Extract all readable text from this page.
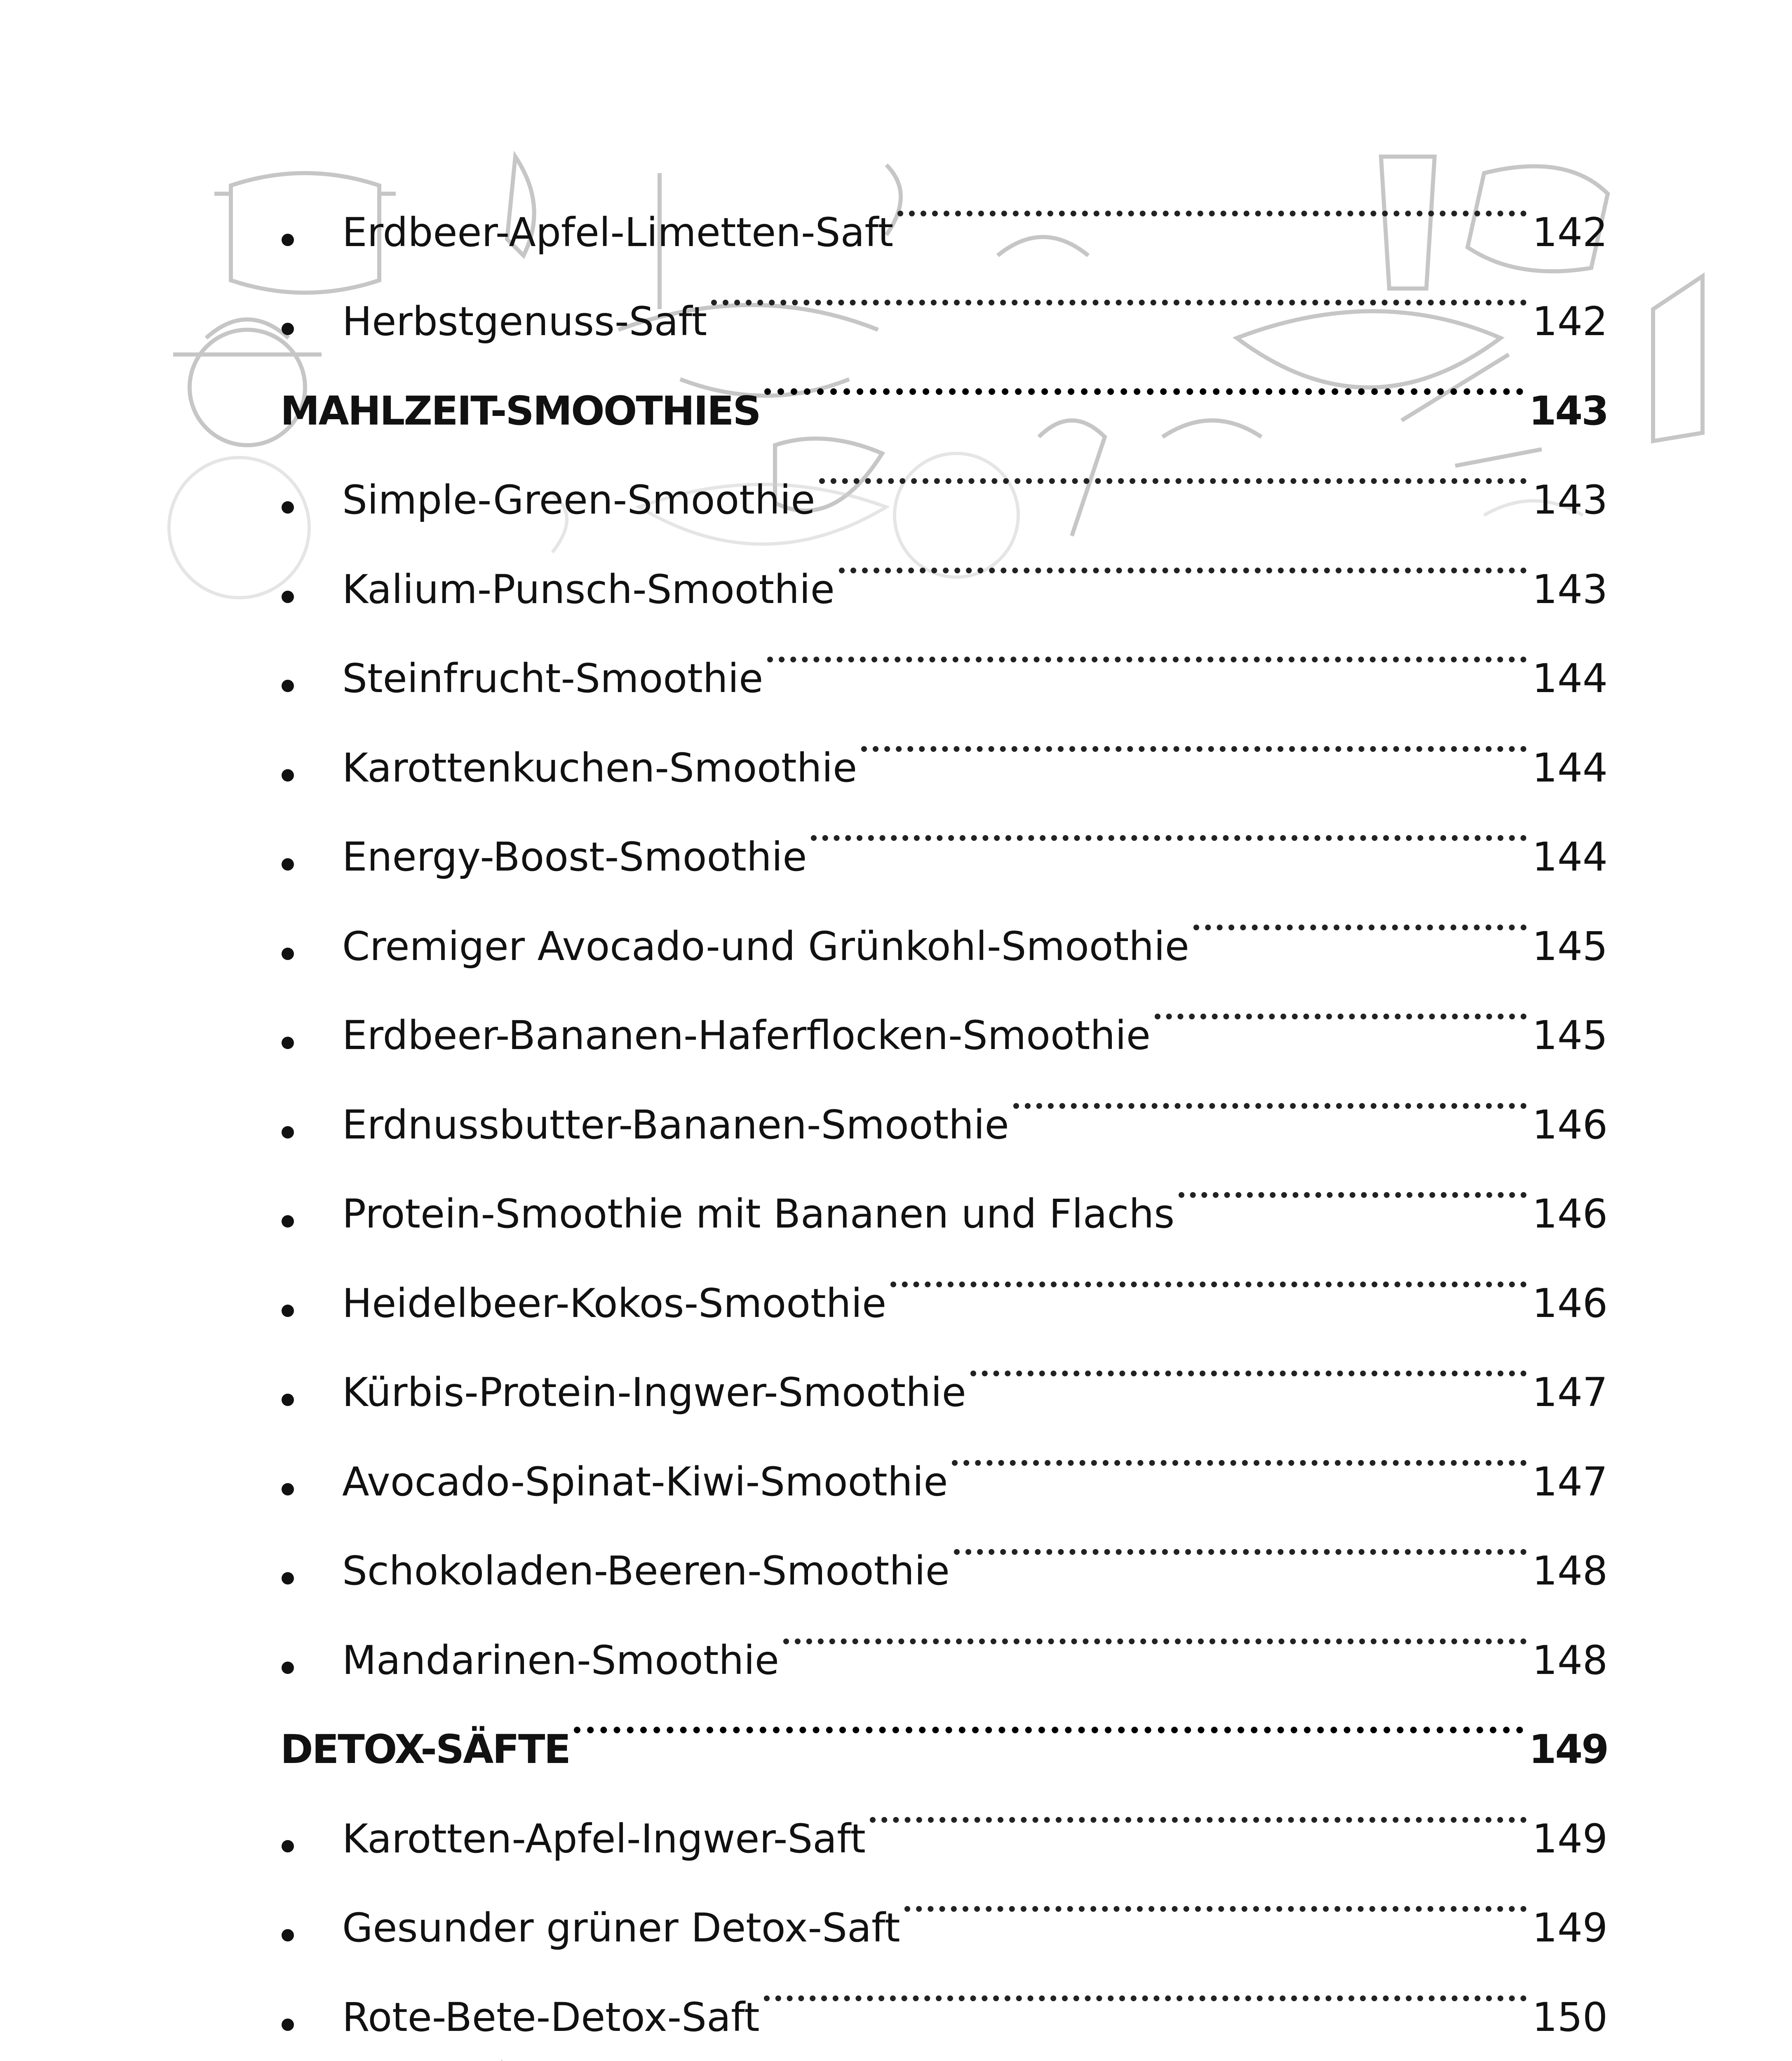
Erdbeer-Apfel-Limetten-Saft	142
Herbstgenuss-Saft	142
MAHLZEIT-SMOOTHIES	143
Simple-Green-Smoothie	143
Kalium-Punsch-Smoothie	143
Steinfrucht-Smoothie	144
Karottenkuchen-Smoothie	144
Energy-Boost-Smoothie	144
Cremiger Avocado-und Grünkohl-Smoothie	145
Erdbeer-Bananen-Haferflocken-Smoothie	145
Erdnussbutter-Bananen-Smoothie	146
Protein-Smoothie mit Bananen und Flachs	146
Heidelbeer-Kokos-Smoothie	146
Kürbis-Protein-Ingwer-Smoothie	147
Avocado-Spinat-Kiwi-Smoothie	147
Schokoladen-Beeren-Smoothie	148
Mandarinen-Smoothie	148
DETOX-SÄFTE	149
Karotten-Apfel-Ingwer-Saft	149
Gesunder grüner Detox-Saft	149
Rote-Bete-Detox-Saft	150
